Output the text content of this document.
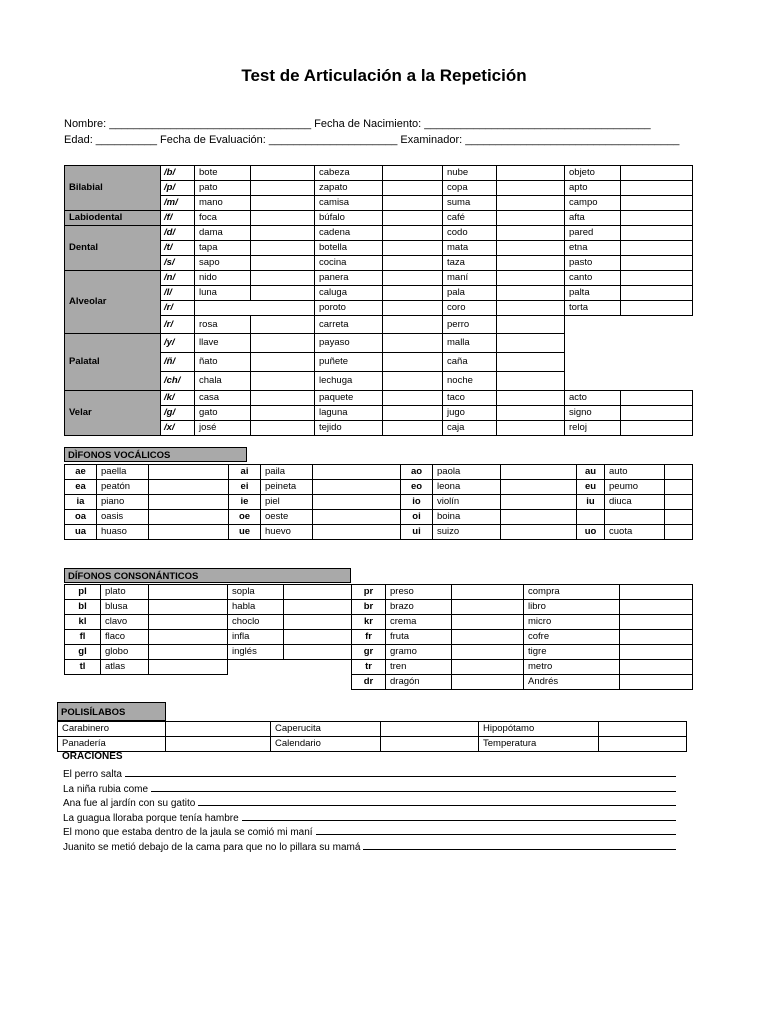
Test de Articulación a la Repetición
Nombre: _________________________________ Fecha de Nacimiento: _____________________________________
Edad: __________ Fecha de Evaluación: _____________________ Examinador: ___________________________________
Bilabial	/b/	bote		cabeza		nube		objeto	
	/p/	pato		zapato		copa		apto	
	/m/	mano		camisa		suma		campo	
Labiodental	/f/	foca		búfalo		café		afta	
Dental	/d/	dama		cadena		codo		pared	
	/t/	tapa		botella		mata		etna	
	/s/	sapo		cocina		taza		pasto	
Alveolar	/n/	nido		panera		maní		canto	
	/l/	luna		caluga		pala		palta	
	/r/			poroto		coro		torta	
	/r/	rosa		carreta		perro			
Palatal	/y/	llave		payaso		malla			
	/ñ/	ñato		puñete		caña			
	/ch/	chala		lechuga		noche			
Velar	/k/	casa		paquete		taco		acto	
	/g/	gato		laguna		jugo		signo	
	/x/	josé		tejido		caja		reloj	
DÌFONOS VOCÁLICOS
ae	paella		ai	paila		ao	paola		au	auto	
ea	peatón		ei	peineta		eo	leona		eu	peumo	
ia	piano		ie	piel		io	violín		iu	diuca	
oa	oasis		oe	oeste		oi	boina				
ua	huaso		ue	huevo		ui	suizo		uo	cuota	
DÍFONOS CONSONÁNTICOS
pl	plato		sopla	
bl	blusa		habla	
kl	clavo		choclo	
fl	flaco		infla	
gl	globo		inglés	
tl	atlas			
pr	preso		compra	
br	brazo		libro	
kr	crema		micro	
fr	fruta		cofre	
gr	gramo		tigre	
tr	tren		metro	
dr	dragón		Andrés	
POLISÍLABOS
Carabinero		Caperucita		Hipopótamo	
Panadería		Calendario		Temperatura	
ORACIONES
El perro salta
La niña rubia come
Ana fue al jardín con su gatito
La guagua lloraba porque tenía hambre
El mono que estaba dentro de la jaula se comió mi maní
Juanito se metió debajo de la cama para que no lo pillara su mamá
